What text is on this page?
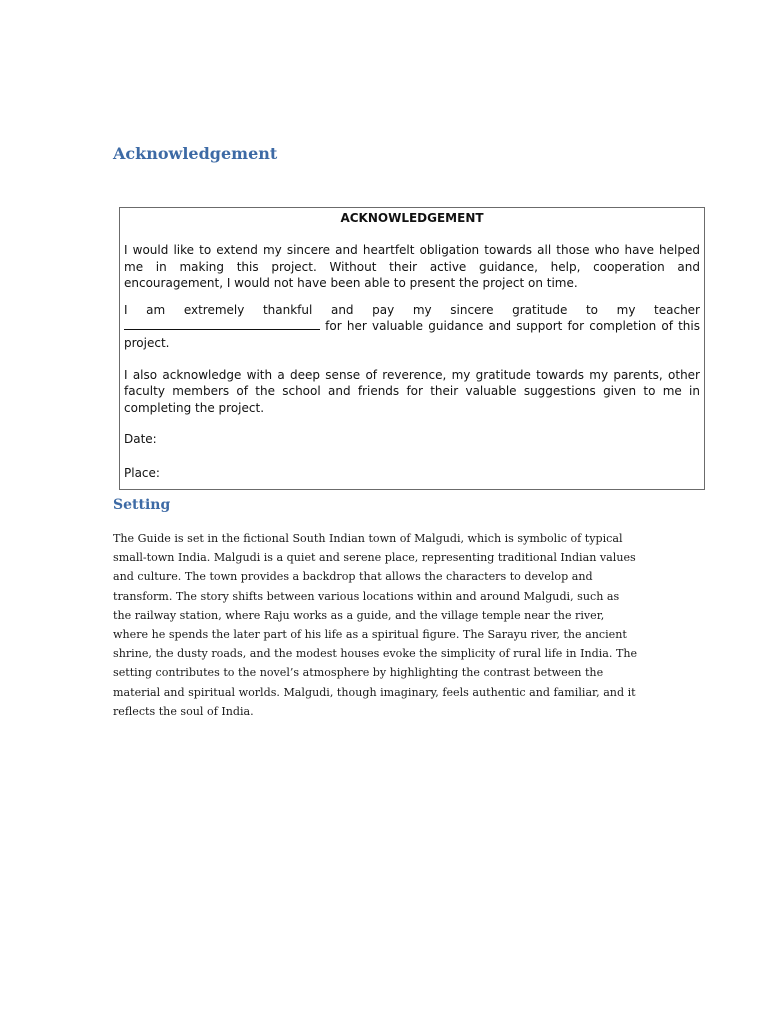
Acknowledgement
ACKNOWLEDGEMENT

I would like to extend my sincere and heartfelt obligation towards all those who have helped me in making this project. Without their active guidance, help, cooperation and encouragement, I would not have been able to present the project on time.

I am extremely thankful and pay my sincere gratitude to my teacher for her valuable guidance and support for completion of this project.

I also acknowledge with a deep sense of reverence, my gratitude towards my parents, other faculty members of the school and friends for their valuable suggestions given to me in completing the project.

Date:

Place:

Setting
The Guide is set in the fictional South Indian town of Malgudi, which is symbolic of typical
small-town India. Malgudi is a quiet and serene place, representing traditional Indian values
and culture. The town provides a backdrop that allows the characters to develop and
transform. The story shifts between various locations within and around Malgudi, such as
the railway station, where Raju works as a guide, and the village temple near the river,
where he spends the later part of his life as a spiritual figure. The Sarayu river, the ancient
shrine, the dusty roads, and the modest houses evoke the simplicity of rural life in India. The
setting contributes to the novel’s atmosphere by highlighting the contrast between the
material and spiritual worlds. Malgudi, though imaginary, feels authentic and familiar, and it
reflects the soul of India.
